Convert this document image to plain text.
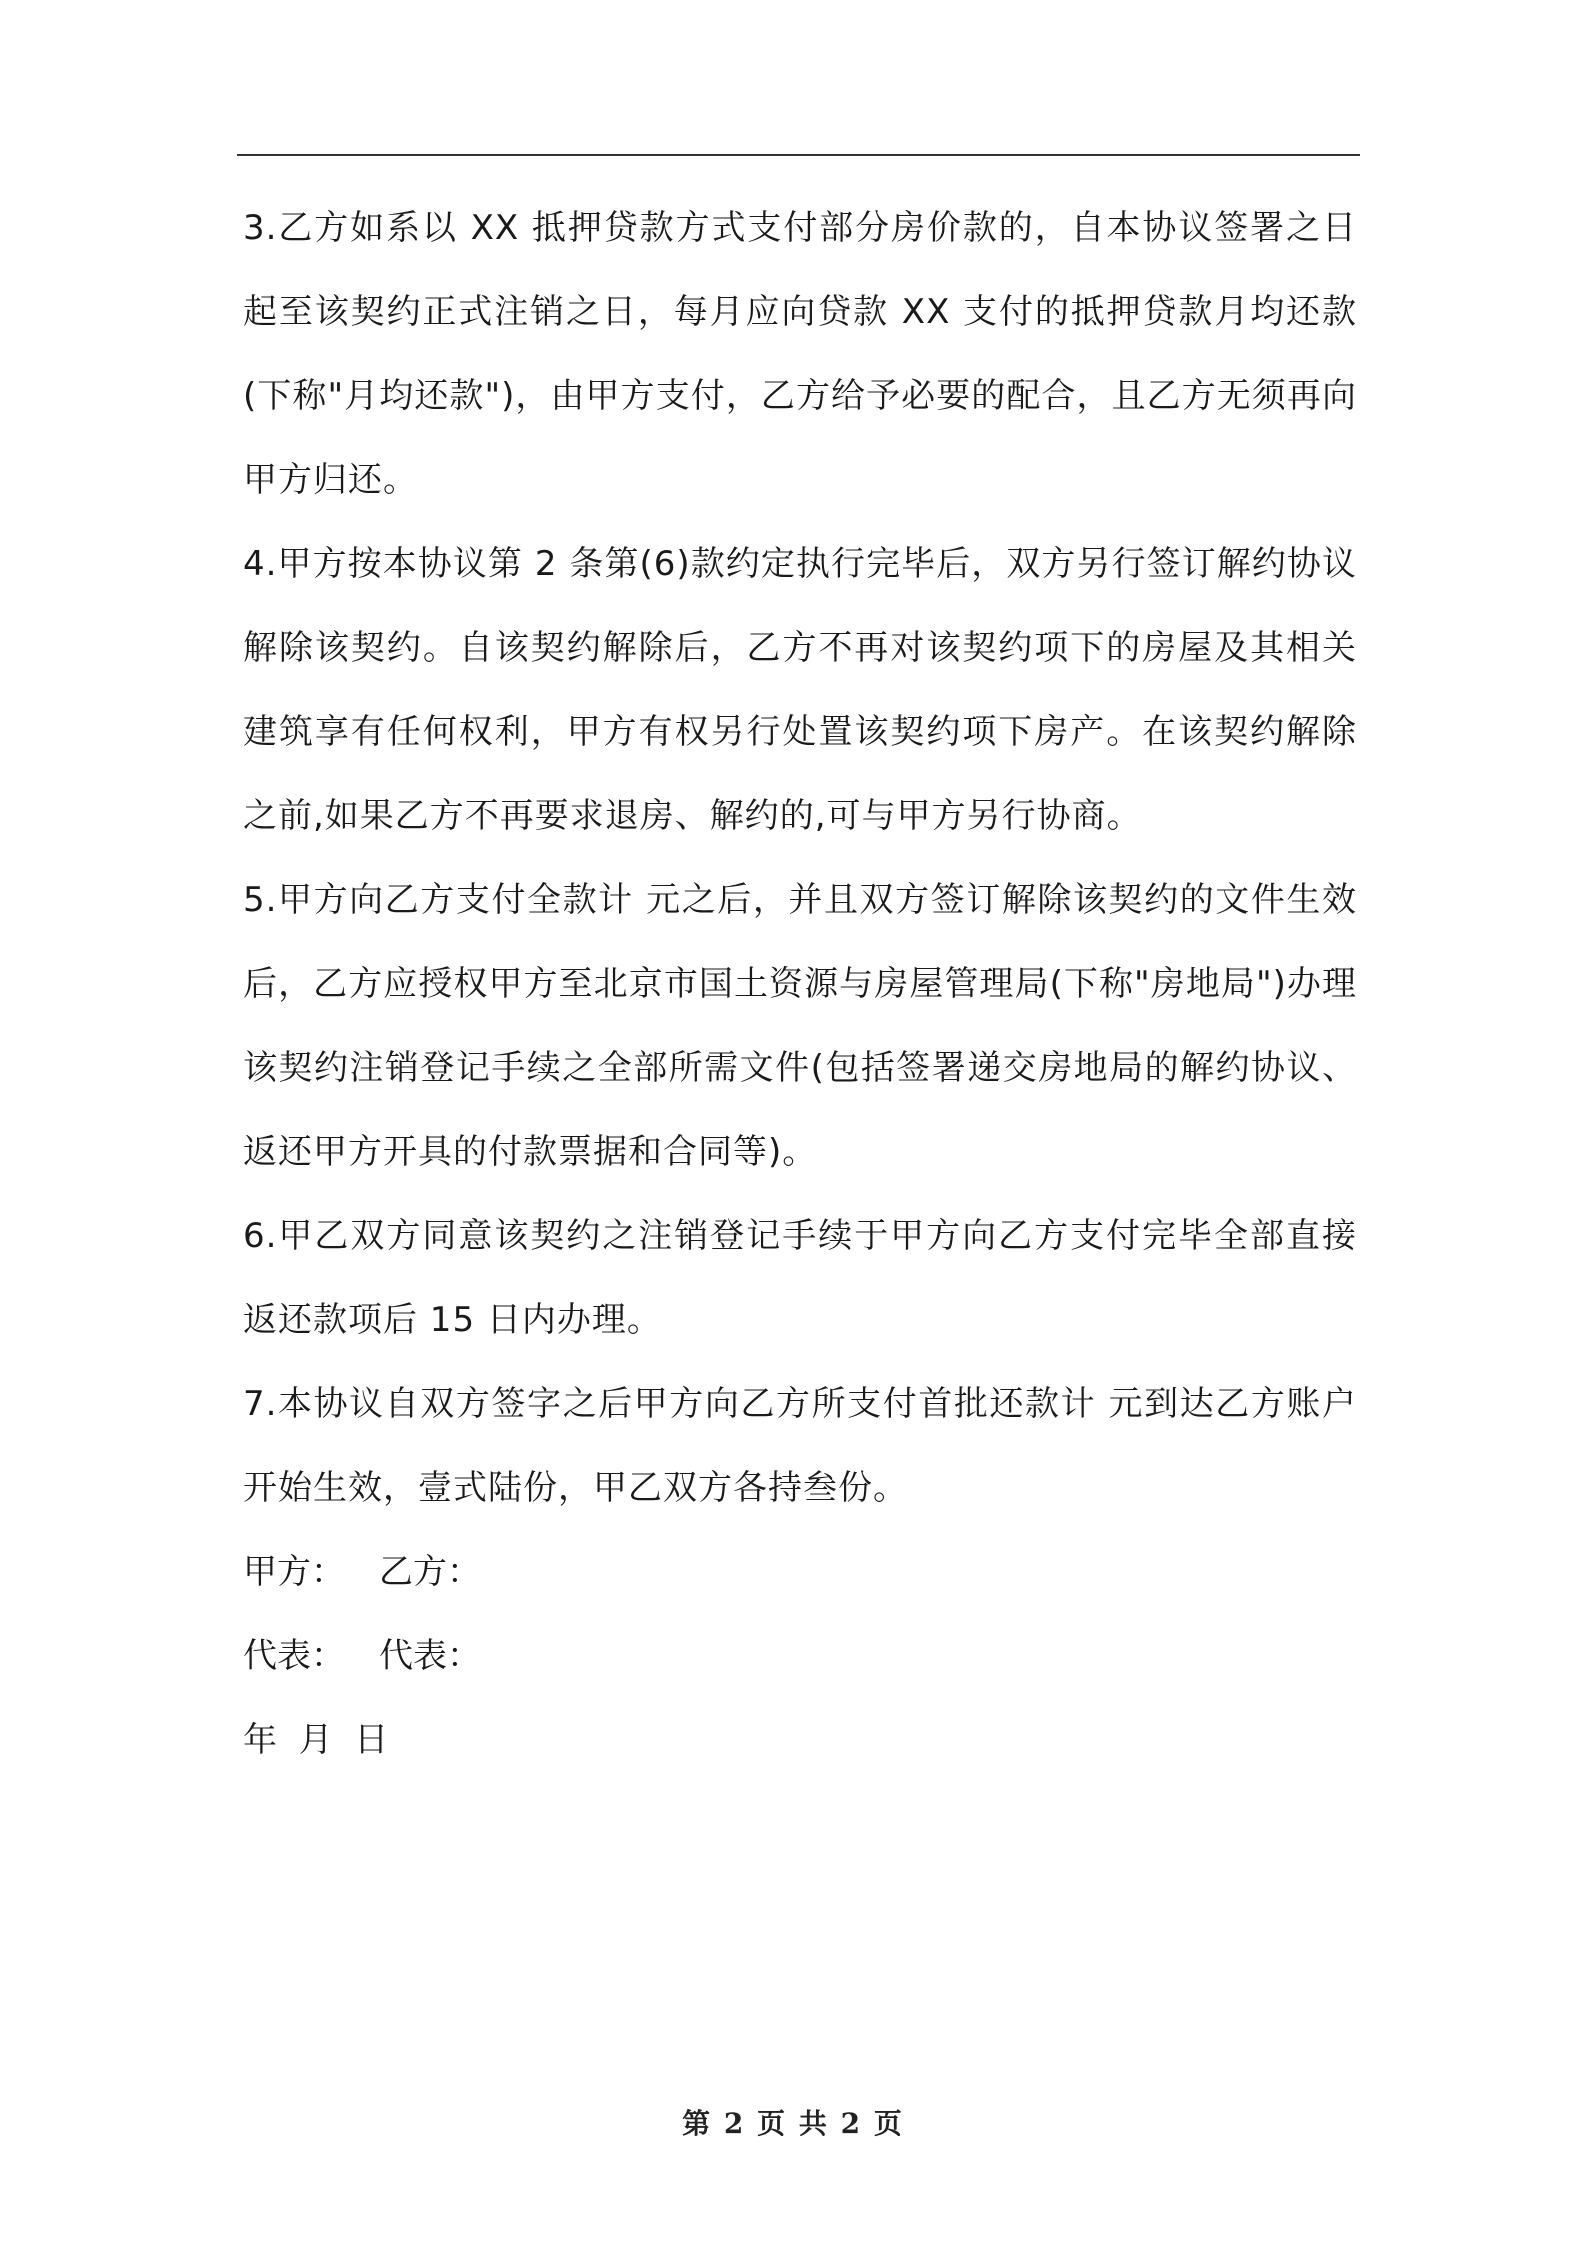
3.乙方如系以 XX 抵押贷款方式支付部分房价款的，自本协议签署之日起至该契约正式注销之日，每月应向贷款 XX 支付的抵押贷款月均还款(下称"月均还款")，由甲方支付，乙方给予必要的配合，且乙方无须再向甲方归还。

4.甲方按本协议第 2 条第(6)款约定执行完毕后，双方另行签订解约协议解除该契约。自该契约解除后，乙方不再对该契约项下的房屋及其相关建筑享有任何权利，甲方有权另行处置该契约项下房产。在该契约解除之前,如果乙方不再要求退房、解约的,可与甲方另行协商。

5.甲方向乙方支付全款计 元之后，并且双方签订解除该契约的文件生效后，乙方应授权甲方至北京市国土资源与房屋管理局(下称"房地局")办理该契约注销登记手续之全部所需文件(包括签署递交房地局的解约协议、返还甲方开具的付款票据和合同等)。

6.甲乙双方同意该契约之注销登记手续于甲方向乙方支付完毕全部直接返还款项后 15 日内办理。

7.本协议自双方签字之后甲方向乙方所支付首批还款计 元到达乙方账户开始生效，壹式陆份，甲乙双方各持叁份。

甲方： 乙方：

代表： 代表：

年  月  日

第 2 页 共 2 页
